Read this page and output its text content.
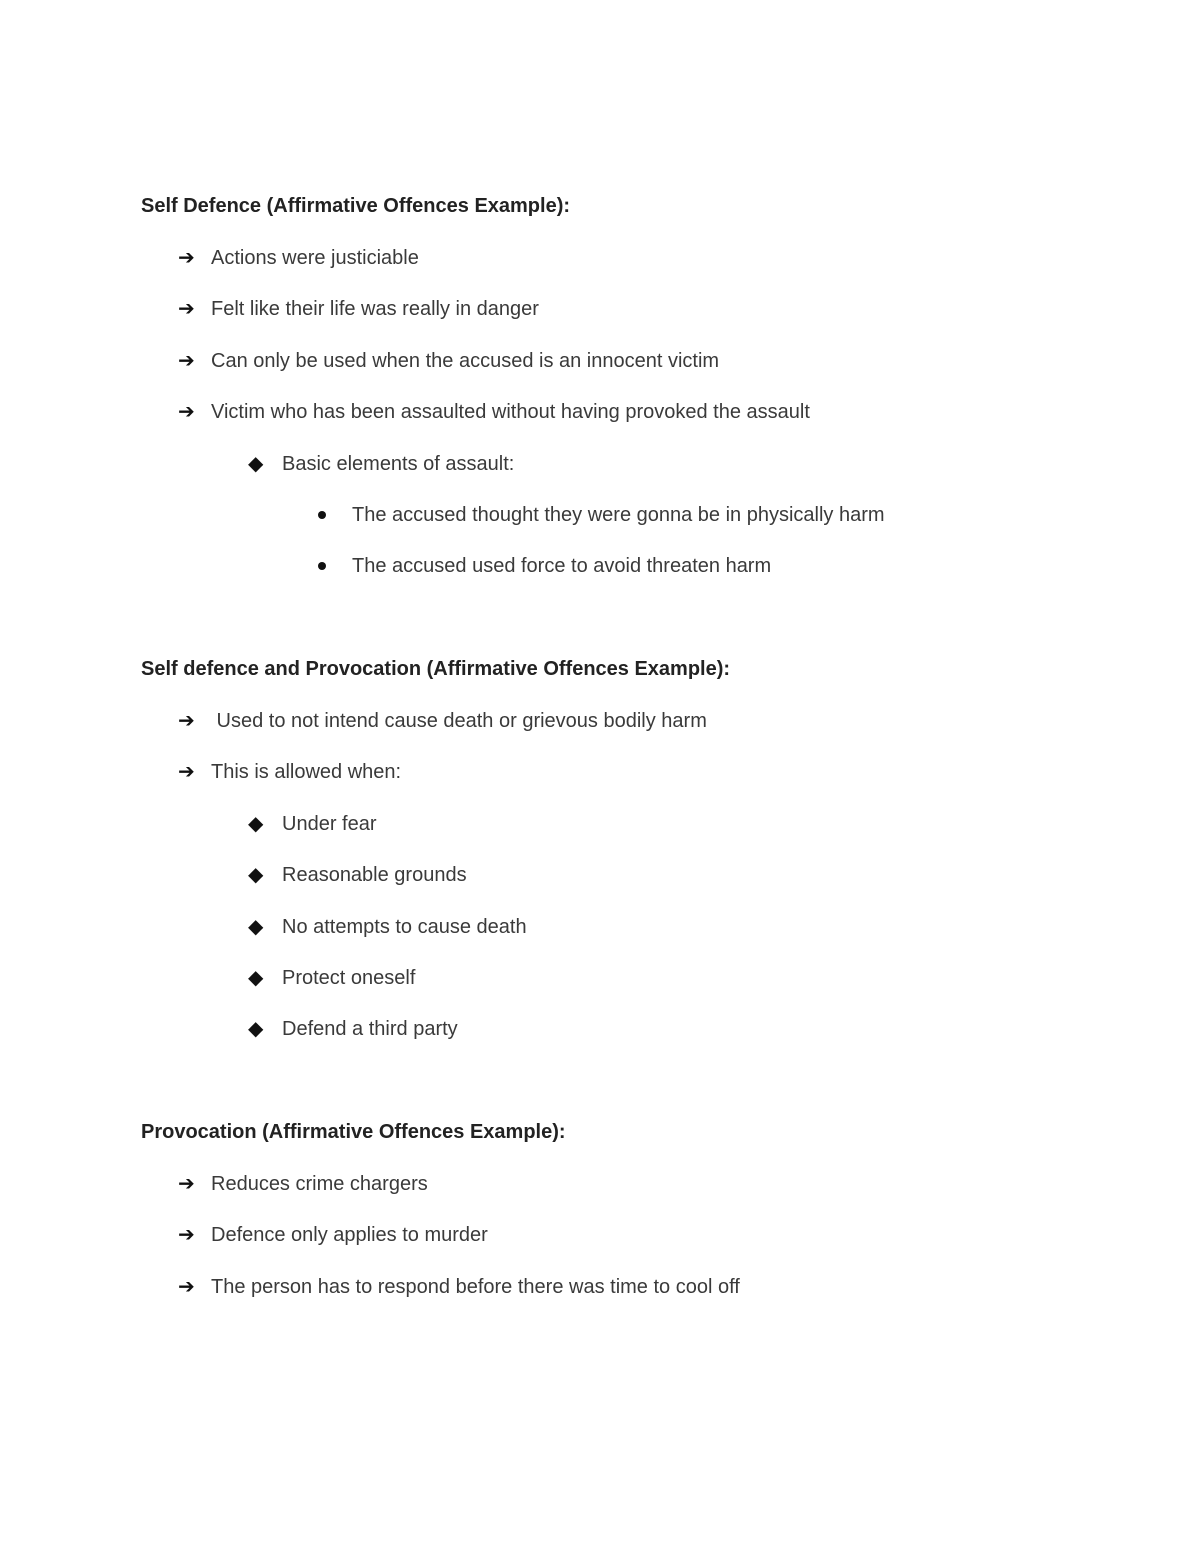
Self Defence (Affirmative Offences Example):
➔ Actions were justiciable
➔ Felt like their life was really in danger
➔ Can only be used when the accused is an innocent victim
➔ Victim who has been assaulted without having provoked the assault
◆ Basic elements of assault:
The accused thought they were gonna be in physically harm
The accused used force to avoid threaten harm
Self defence and Provocation (Affirmative Offences Example):
➔ Used to not intend cause death or grievous bodily harm
➔ This is allowed when:
◆ Under fear
◆ Reasonable grounds
◆ No attempts to cause death
◆ Protect oneself
◆ Defend a third party
Provocation (Affirmative Offences Example):
➔ Reduces crime chargers
➔ Defence only applies to murder
➔ The person has to respond before there was time to cool off
